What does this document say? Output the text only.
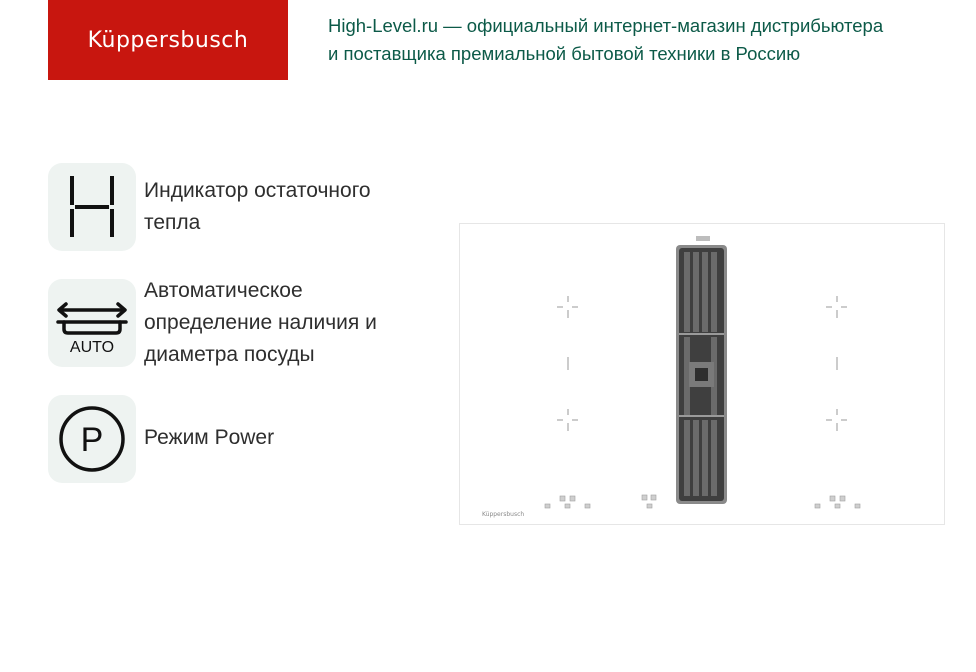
Küppersbusch
High-Level.ru — официальный интернет-магазин дистрибьютера
и поставщика премиальной бытовой техники в Россию
Индикатор остаточного
тепла
AUTO
Автоматическое
определение наличия и
диаметра посуды
P Режим Power
Küppersbusch
